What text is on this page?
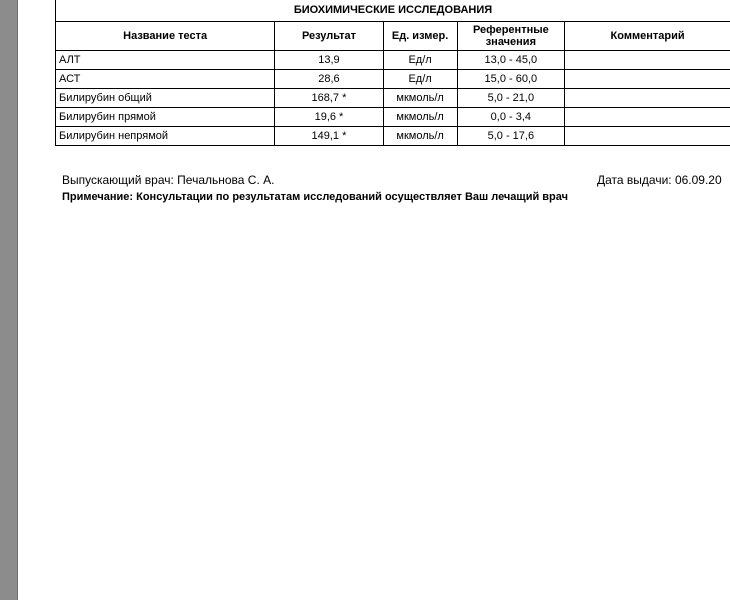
БИОХИМИЧЕСКИЕ ИССЛЕДОВАНИЯ				
Название теста	Результат	Ед. измер.	Референтные значения	Комментарий
АЛТ	13,9	Ед/л	13,0 - 45,0	
АСТ	28,6	Ед/л	15,0 - 60,0	
Билирубин общий	168,7 *	мкмоль/л	5,0 - 21,0	
Билирубин прямой	19,6 *	мкмоль/л	0,0 - 3,4	
Билирубин непрямой	149,1 *	мкмоль/л	5,0 - 17,6	
Выпускающий врач: Печальнова С. А.	Дата выдачи: 06.09.20
Примечание: Консультации по результатам исследований осуществляет Ваш лечащий врач
